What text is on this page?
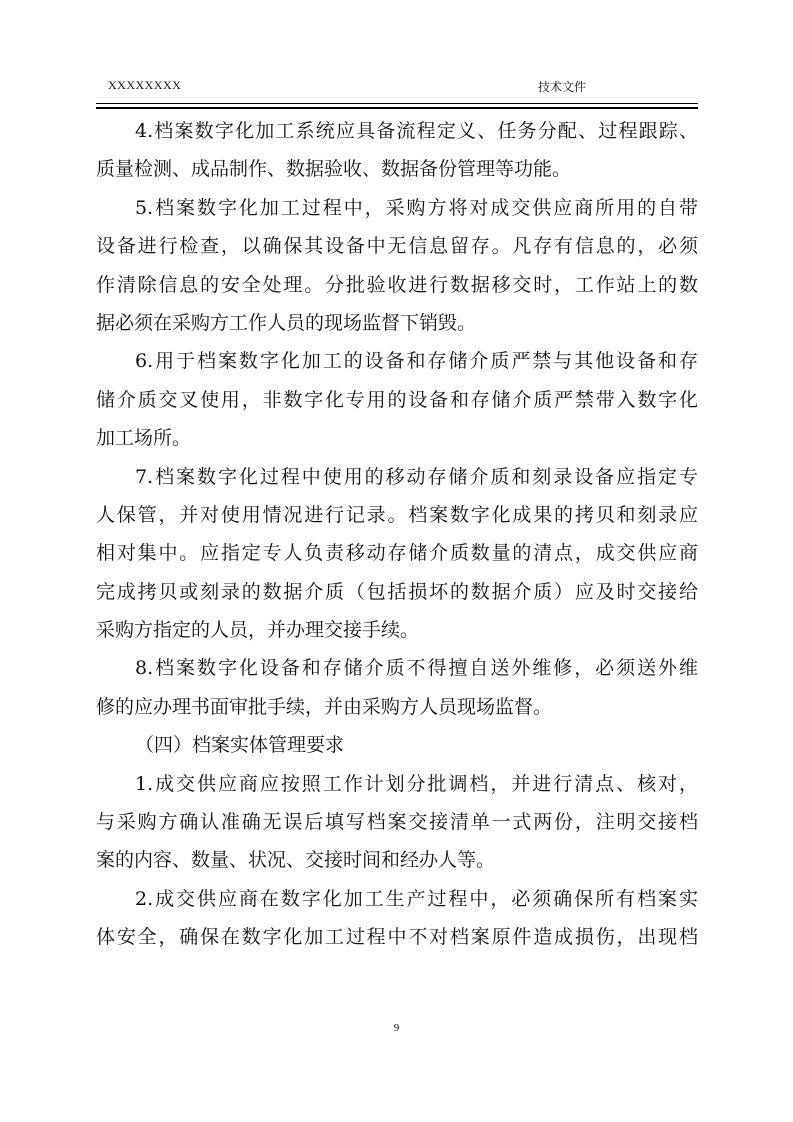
XXXXXXXX	技术文件
4.档案数字化加工系统应具备流程定义、任务分配、过程跟踪、
质量检测、成品制作、数据验收、数据备份管理等功能。
5.档案数字化加工过程中，采购方将对成交供应商所用的自带
设备进行检查，以确保其设备中无信息留存。凡存有信息的，必须
作清除信息的安全处理。分批验收进行数据移交时，工作站上的数
据必须在采购方工作人员的现场监督下销毁。
6.用于档案数字化加工的设备和存储介质严禁与其他设备和存
储介质交叉使用，非数字化专用的设备和存储介质严禁带入数字化
加工场所。
7.档案数字化过程中使用的移动存储介质和刻录设备应指定专
人保管，并对使用情况进行记录。档案数字化成果的拷贝和刻录应
相对集中。应指定专人负责移动存储介质数量的清点，成交供应商
完成拷贝或刻录的数据介质（包括损坏的数据介质）应及时交接给
采购方指定的人员，并办理交接手续。
8.档案数字化设备和存储介质不得擅自送外维修，必须送外维
修的应办理书面审批手续，并由采购方人员现场监督。
（四）档案实体管理要求
1.成交供应商应按照工作计划分批调档，并进行清点、核对，
与采购方确认准确无误后填写档案交接清单一式两份，注明交接档
案的内容、数量、状况、交接时间和经办人等。
2.成交供应商在数字化加工生产过程中，必须确保所有档案实
体安全，确保在数字化加工过程中不对档案原件造成损伤，出现档
9
